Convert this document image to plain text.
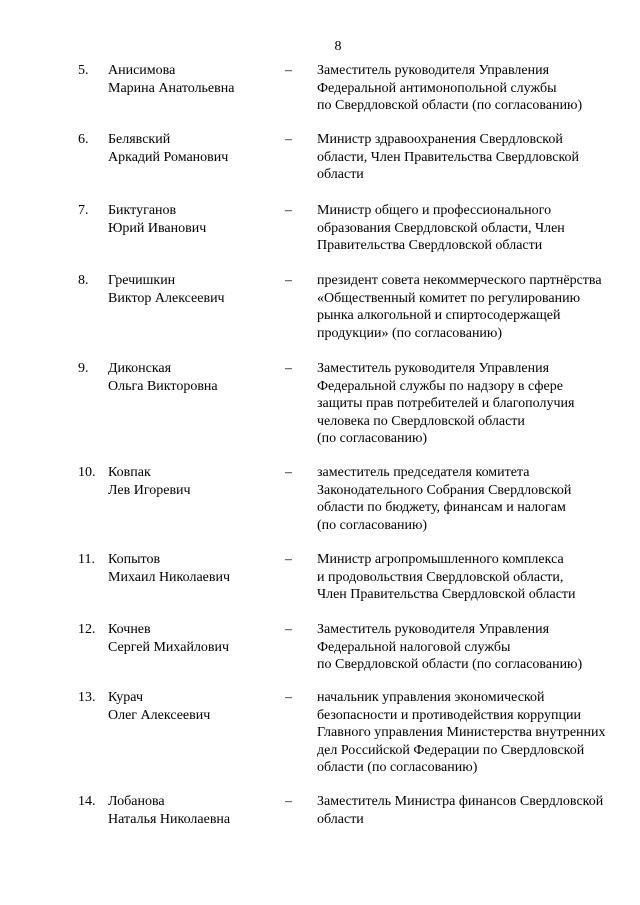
8
5. Анисимова
Марина Анатольевна
– Заместитель руководителя Управления
Федеральной антимонопольной службы
по Свердловской области (по согласованию)
6. Белявский
Аркадий Романович
– Министр здравоохранения Свердловской
области, Член Правительства Свердловской
области
7. Биктуганов
Юрий Иванович
– Министр общего и профессионального
образования Свердловской области, Член
Правительства Свердловской области
8. Гречишкин
Виктор Алексеевич
– президент совета некоммерческого партнёрства
«Общественный комитет по регулированию
рынка алкогольной и спиртосодержащей
продукции» (по согласованию)
9. Диконская
Ольга Викторовна
– Заместитель руководителя Управления
Федеральной службы по надзору в сфере
защиты прав потребителей и благополучия
человека по Свердловской области
(по согласованию)
10. Ковпак
Лев Игоревич
– заместитель председателя комитета
Законодательного Собрания Свердловской
области по бюджету, финансам и налогам
(по согласованию)
11. Копытов
Михаил Николаевич
– Министр агропромышленного комплекса
и продовольствия Свердловской области,
Член Правительства Свердловской области
12. Кочнев
Сергей Михайлович
– Заместитель руководителя Управления
Федеральной налоговой службы
по Свердловской области (по согласованию)
13. Курач
Олег Алексеевич
– начальник управления экономической
безопасности и противодействия коррупции
Главного управления Министерства внутренних
дел Российской Федерации по Свердловской
области (по согласованию)
14. Лобанова
Наталья Николаевна
– Заместитель Министра финансов Свердловской
области
